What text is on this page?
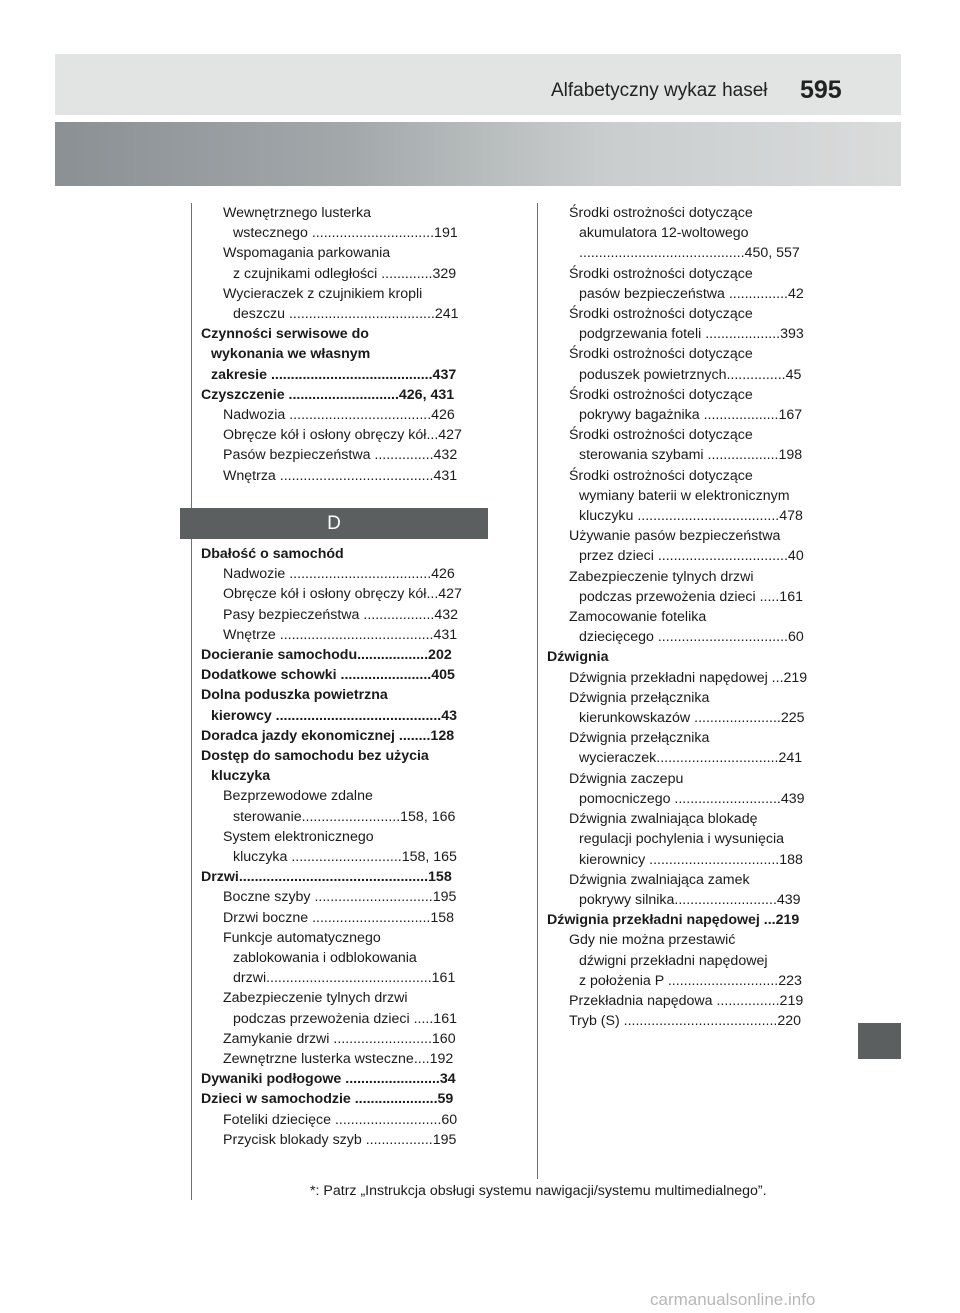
Alfabetyczny wykaz haseł 595
Wewnętrznego lusterka
wstecznego ...............................191
Wspomagania parkowania
z czujnikami odległości .............329
Wycieraczek z czujnikiem kropli
deszczu .....................................241
Czynności serwisowe do
wykonania we własnym
zakresie .........................................437
Czyszczenie ............................426, 431
Nadwozia ....................................426
Obręcze kół i osłony obręczy kół...427
Pasów bezpieczeństwa ...............432
Wnętrza .......................................431
D
Dbałość o samochód
Nadwozie ....................................426
Obręcze kół i osłony obręczy kół...427
Pasy bezpieczeństwa ..................432
Wnętrze .......................................431
Docieranie samochodu..................202
Dodatkowe schowki .......................405
Dolna poduszka powietrzna
kierowcy ..........................................43
Doradca jazdy ekonomicznej ........128
Dostęp do samochodu bez użycia
kluczyka
Bezprzewodowe zdalne
sterowanie.........................158, 166
System elektronicznego
kluczyka ............................158, 165
Drzwi................................................158
Boczne szyby ..............................195
Drzwi boczne ..............................158
Funkcje automatycznego
zablokowania i odblokowania
drzwi..........................................161
Zabezpieczenie tylnych drzwi
podczas przewożenia dzieci .....161
Zamykanie drzwi .........................160
Zewnętrzne lusterka wsteczne....192
Dywaniki podłogowe ........................34
Dzieci w samochodzie .....................59
Foteliki dziecięce ...........................60
Przycisk blokady szyb .................195
Środki ostrożności dotyczące
akumulatora 12-woltowego
..........................................450, 557
Środki ostrożności dotyczące
pasów bezpieczeństwa ...............42
Środki ostrożności dotyczące
podgrzewania foteli ...................393
Środki ostrożności dotyczące
poduszek powietrznych...............45
Środki ostrożności dotyczące
pokrywy bagażnika ...................167
Środki ostrożności dotyczące
sterowania szybami ..................198
Środki ostrożności dotyczące
wymiany baterii w elektronicznym
kluczyku ....................................478
Używanie pasów bezpieczeństwa
przez dzieci .................................40
Zabezpieczenie tylnych drzwi
podczas przewożenia dzieci .....161
Zamocowanie fotelika
dziecięcego .................................60
Dźwignia
Dźwignia przekładni napędowej ...219
Dźwignia przełącznika
kierunkowskazów ......................225
Dźwignia przełącznika
wycieraczek...............................241
Dźwignia zaczepu
pomocniczego ...........................439
Dźwignia zwalniająca blokadę
regulacji pochylenia i wysunięcia
kierownicy .................................188
Dźwignia zwalniająca zamek
pokrywy silnika..........................439
Dźwignia przekładni napędowej ...219
Gdy nie można przestawić
dźwigni przekładni napędowej
z położenia P ............................223
Przekładnia napędowa ................219
Tryb (S) .......................................220
*: Patrz „Instrukcja obsługi systemu nawigacji/systemu multimedialnego”.
carmanualsonline.info
